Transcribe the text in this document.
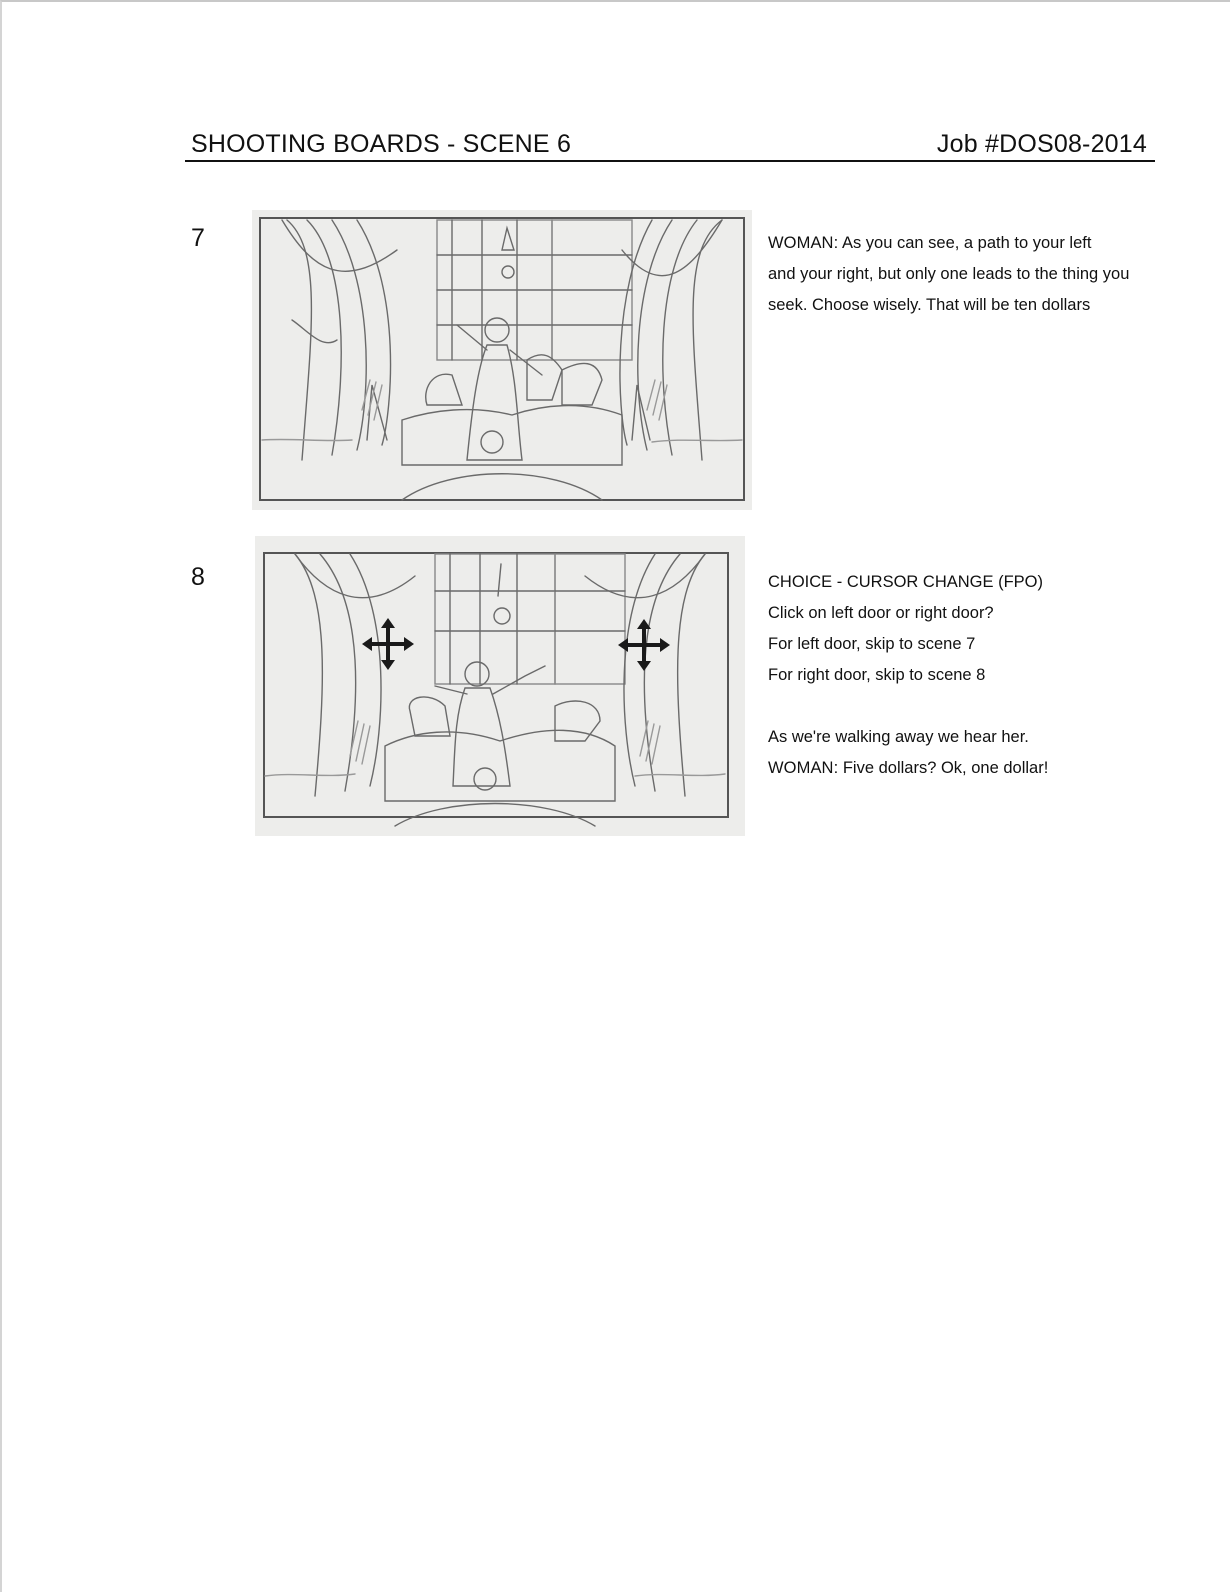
SHOOTING BOARDS - SCENE 6	Job #DOS08-2014
7	WOMAN: As you can see, a path to your left
and your right, but only one leads to the thing you
seek. Choose wisely. That will be ten dollars
8	CHOICE - CURSOR CHANGE (FPO)
Click on left door or right door?
For left door, skip to scene 7
For right door, skip to scene 8
As we're walking away we hear her.
WOMAN: Five dollars? Ok, one dollar!
